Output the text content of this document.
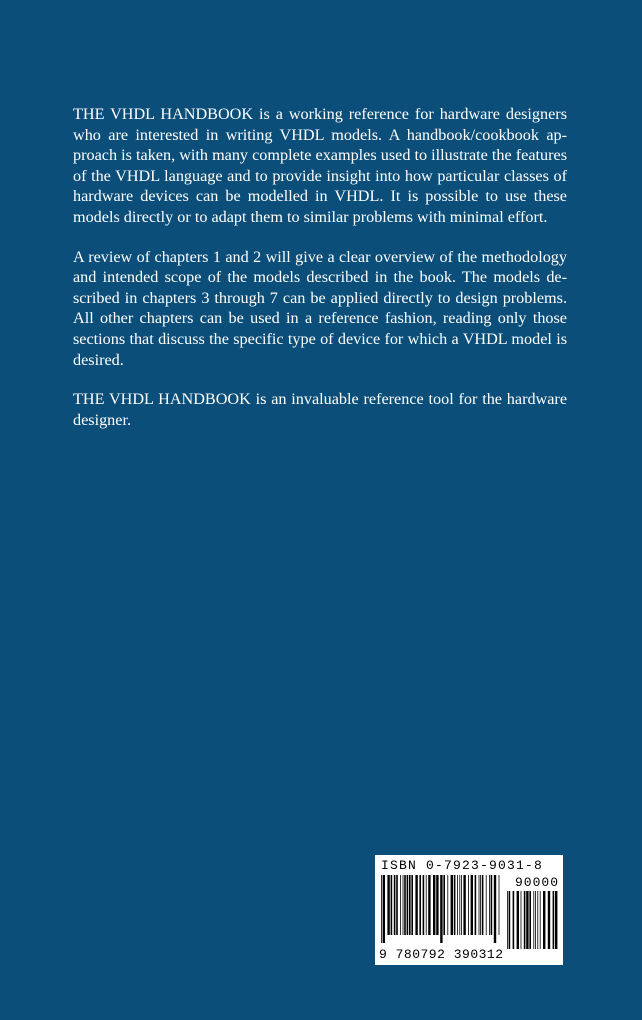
THE VHDL HANDBOOK is a working reference for hardware designers who are interested in writing VHDL models. A handbook/cookbook approach is taken, with many complete examples used to illustrate the features of the VHDL language and to provide insight into how particular classes of hardware devices can be modelled in VHDL. It is possible to use these models directly or to adapt them to similar problems with minimal effort.

A review of chapters 1 and 2 will give a clear overview of the methodology and intended scope of the models described in the book. The models described in chapters 3 through 7 can be applied directly to design problems. All other chapters can be used in a reference fashion, reading only those sections that discuss the specific type of device for which a VHDL model is desired.

THE VHDL HANDBOOK is an invaluable reference tool for the hardware designer.

ISBN 0-7923-9031-8
90000
9 780792 390312
